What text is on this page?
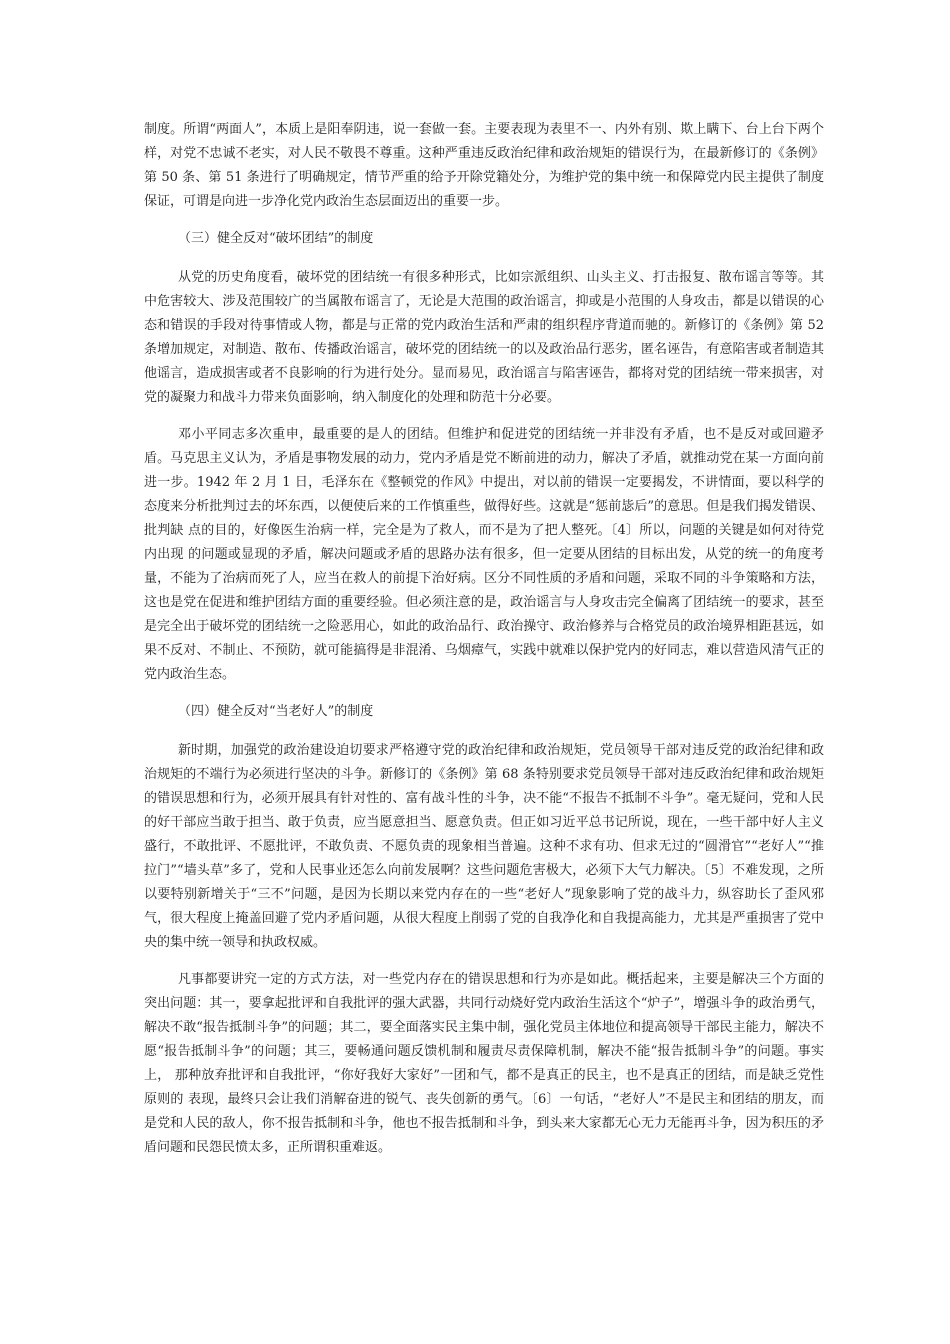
制度。所谓“两面人”，本质上是阳奉阴违，说一套做一套。主要表现为表里不一、内外有别、欺上瞒下、台上台下两个样，对党不忠诚不老实，对人民不敬畏不尊重。这种严重违反政治纪律和政治规矩的错误行为，在最新修订的《条例》第 50 条、第 51 条进行了明确规定，情节严重的给予开除党籍处分，为维护党的集中统一和保障党内民主提供了制度保证，可谓是向进一步净化党内政治生态层面迈出的重要一步。

（三）健全反对“破坏团结”的制度

从党的历史角度看，破坏党的团结统一有很多种形式，比如宗派组织、山头主义、打击报复、散布谣言等等。其中危害较大、涉及范围较广的当属散布谣言了，无论是大范围的政治谣言，抑或是小范围的人身攻击，都是以错误的心态和错误的手段对待事情或人物，都是与正常的党内政治生活和严肃的组织程序背道而驰的。新修订的《条例》第 52 条增加规定，对制造、散布、传播政治谣言，破坏党的团结统一的以及政治品行恶劣，匿名诬告，有意陷害或者制造其他谣言，造成损害或者不良影响的行为进行处分。显而易见，政治谣言与陷害诬告，都将对党的团结统一带来损害，对党的凝聚力和战斗力带来负面影响，纳入制度化的处理和防范十分必要。

邓小平同志多次重申，最重要的是人的团结。但维护和促进党的团结统一并非没有矛盾，也不是反对或回避矛盾。马克思主义认为，矛盾是事物发展的动力，党内矛盾是党不断前进的动力，解决了矛盾，就推动党在某一方面向前进一步。1942 年 2 月 1 日，毛泽东在《整顿党的作风》中提出，对以前的错误一定要揭发，不讲情面，要以科学的态度来分析批判过去的坏东西，以便使后来的工作慎重些，做得好些。这就是“惩前毖后”的意思。但是我们揭发错误、批判缺 点的目的，好像医生治病一样，完全是为了救人，而不是为了把人整死。〔4〕所以，问题的关键是如何对待党内出现 的问题或显现的矛盾，解决问题或矛盾的思路办法有很多，但一定要从团结的目标出发，从党的统一的角度考量，不能为了治病而死了人，应当在救人的前提下治好病。区分不同性质的矛盾和问题，采取不同的斗争策略和方法，这也是党在促进和维护团结方面的重要经验。但必须注意的是，政治谣言与人身攻击完全偏离了团结统一的要求，甚至是完全出于破坏党的团结统一之险恶用心，如此的政治品行、政治操守、政治修养与合格党员的政治境界相距甚远，如果不反对、不制止、不预防，就可能搞得是非混淆、乌烟瘴气，实践中就难以保护党内的好同志，难以营造风清气正的党内政治生态。

（四）健全反对“当老好人”的制度

新时期，加强党的政治建设迫切要求严格遵守党的政治纪律和政治规矩，党员领导干部对违反党的政治纪律和政治规矩的不端行为必须进行坚决的斗争。新修订的《条例》第 68 条特别要求党员领导干部对违反政治纪律和政治规矩的错误思想和行为，必须开展具有针对性的、富有战斗性的斗争，决不能“不报告不抵制不斗争”。毫无疑问，党和人民的好干部应当敢于担当、敢于负责，应当愿意担当、愿意负责。但正如习近平总书记所说，现在，一些干部中好人主义盛行，不敢批评、不愿批评，不敢负责、不愿负责的现象相当普遍。这种不求有功、但求无过的“圆滑官”“老好人”“推拉门”“墙头草”多了，党和人民事业还怎么向前发展啊？这些问题危害极大，必须下大气力解决。〔5〕不难发现，之所以要特别新增关于“三不”问题，是因为长期以来党内存在的一些“老好人”现象影响了党的战斗力，纵容助长了歪风邪气，很大程度上掩盖回避了党内矛盾问题，从很大程度上削弱了党的自我净化和自我提高能力，尤其是严重损害了党中央的集中统一领导和执政权威。

凡事都要讲究一定的方式方法，对一些党内存在的错误思想和行为亦是如此。概括起来，主要是解决三个方面的 突出问题：其一，要拿起批评和自我批评的强大武器，共同行动烧好党内政治生活这个“炉子”，增强斗争的政治勇气， 解决不敢“报告抵制斗争”的问题；其二，要全面落实民主集中制，强化党员主体地位和提高领导干部民主能力，解决不 愿“报告抵制斗争”的问题；其三，要畅通问题反馈机制和履责尽责保障机制，解决不能“报告抵制斗争”的问题。事实上， 那种放弃批评和自我批评，“你好我好大家好”一团和气，都不是真正的民主，也不是真正的团结，而是缺乏党性原则的 表现，最终只会让我们消解奋进的锐气、丧失创新的勇气。〔6〕一句话，“老好人”不是民主和团结的朋友，而是党和人民的敌人，你不报告抵制和斗争，他也不报告抵制和斗争，到头来大家都无心无力无能再斗争，因为积压的矛盾问题和民怨民愤太多，正所谓积重难返。
